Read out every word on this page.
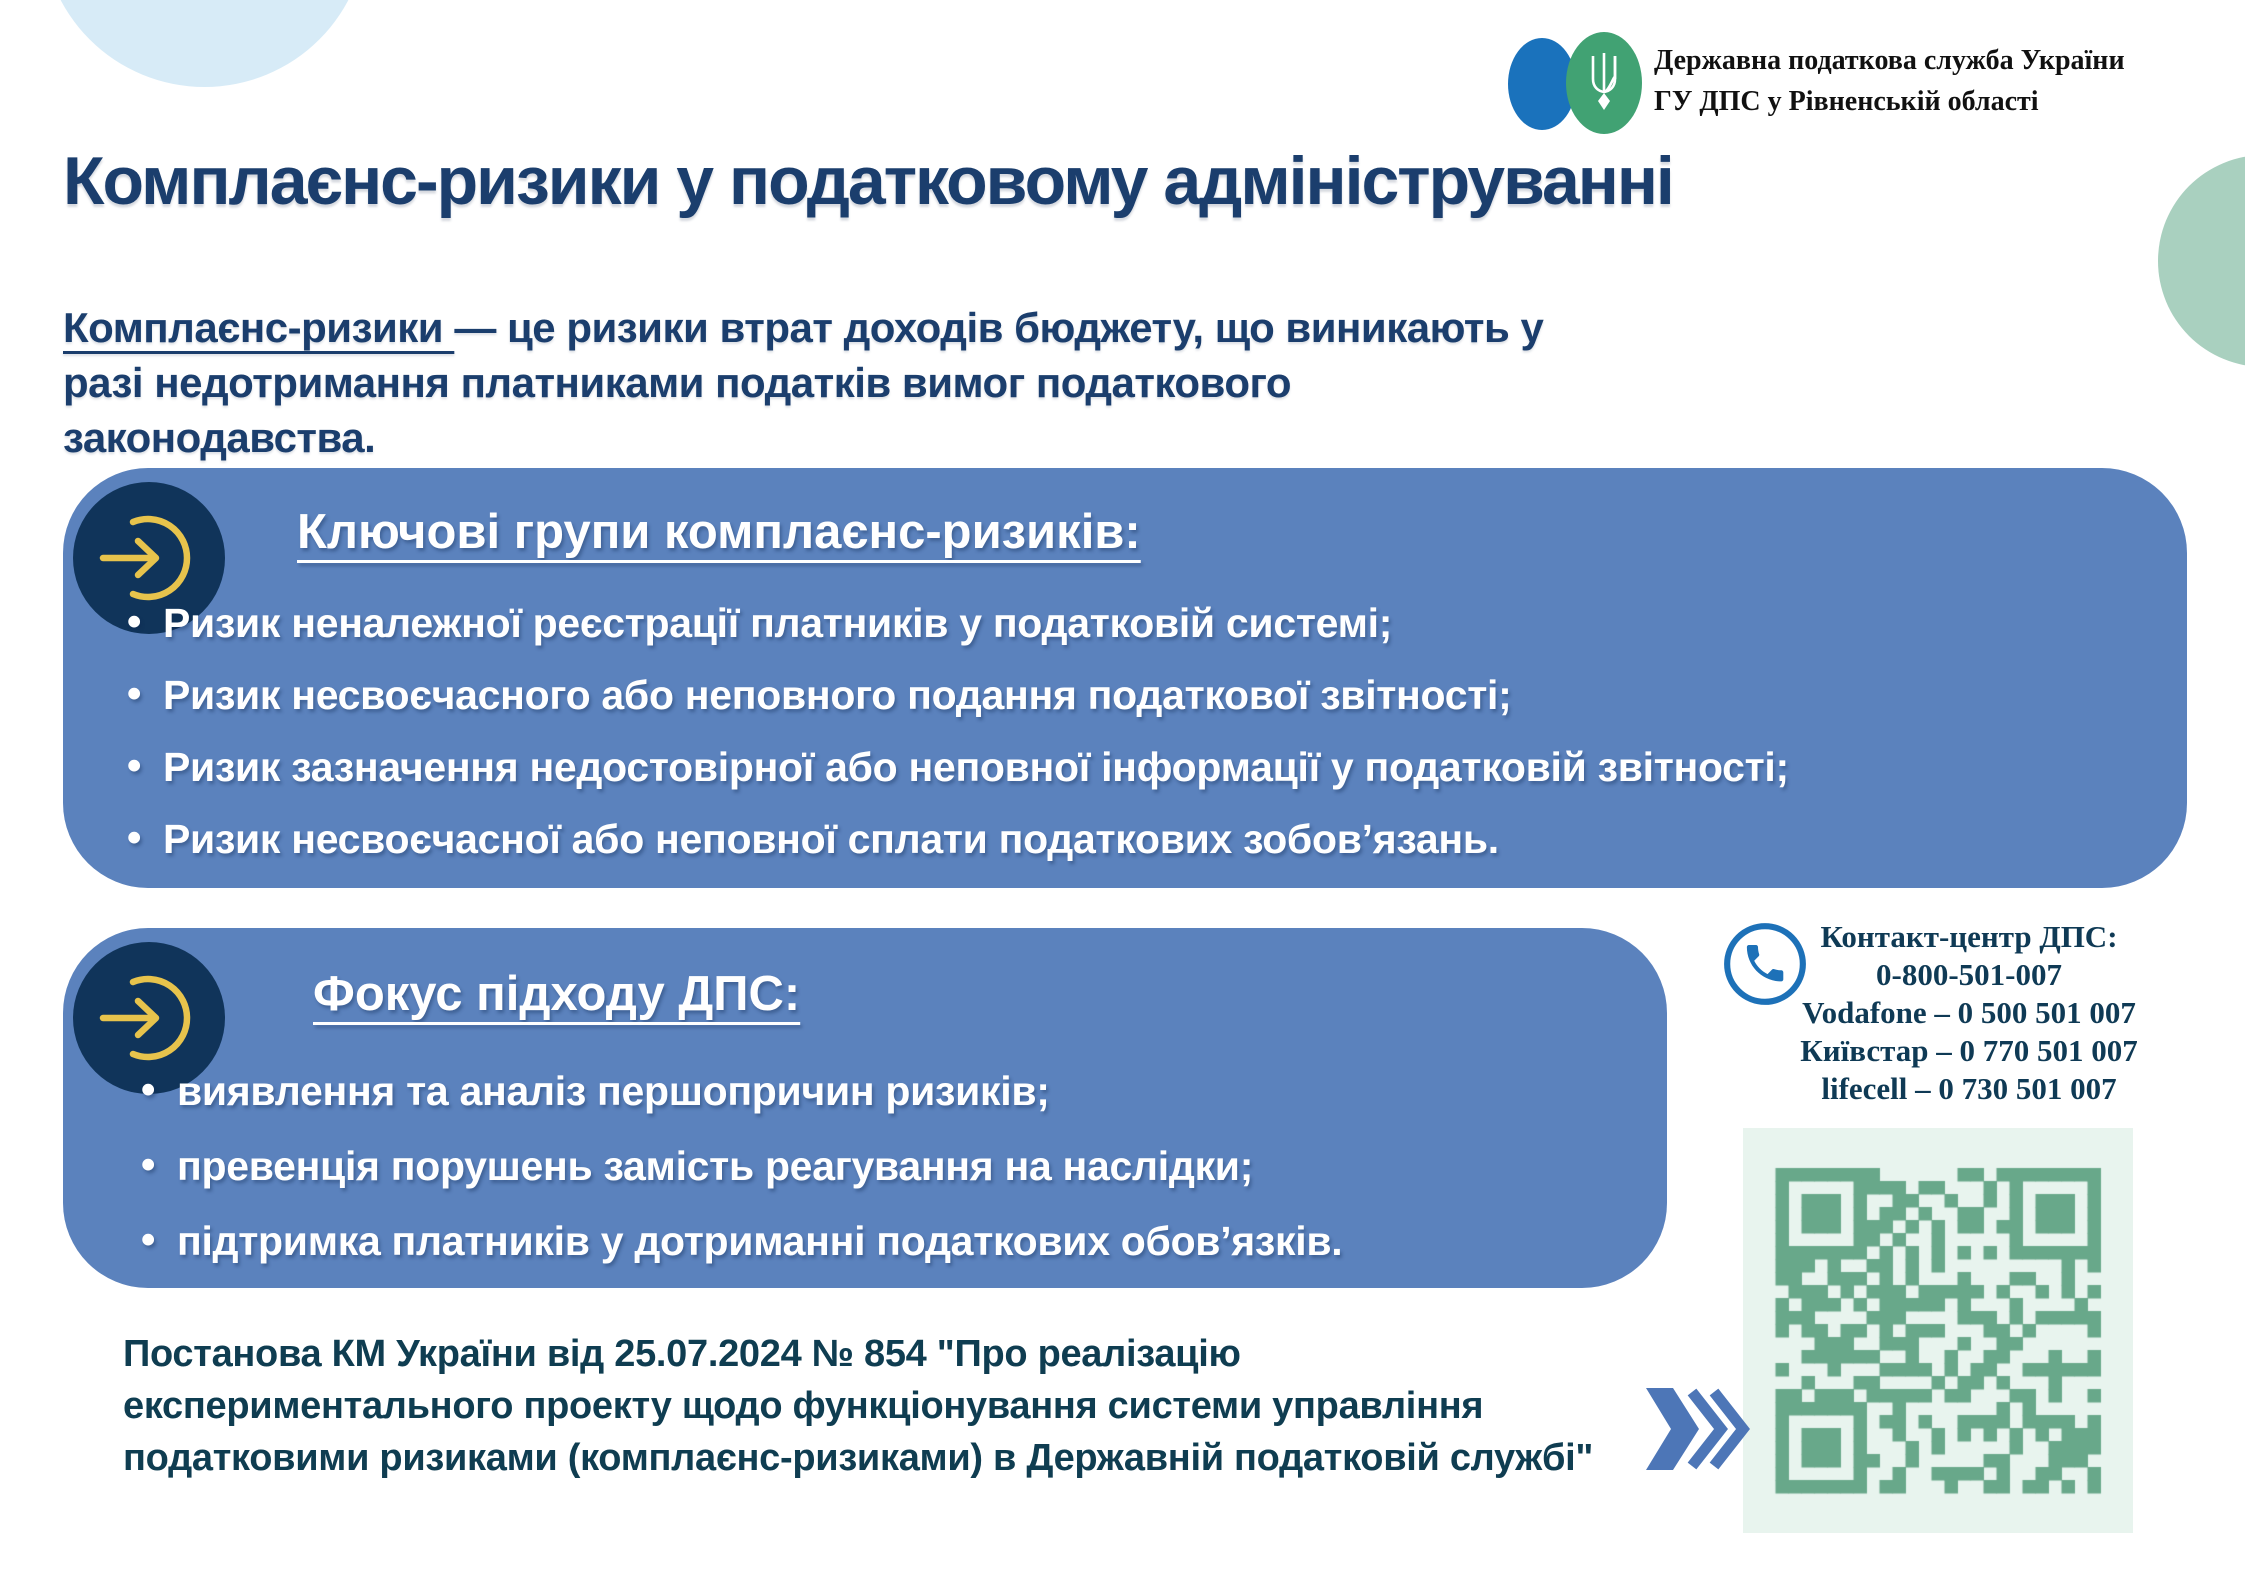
Державна податкова служба України
ГУ ДПС у Рівненській області
Комплаєнс-ризики у податковому адмініструванні
Комплаєнс-ризики — це ризики втрат доходів бюджету, що виникають у разі недотримання платниками податків вимог податкового законодавства.
Ключові групи комплаєнс-ризиків:
• Ризик неналежної реєстрації платників у податковій системі;
• Ризик несвоєчасного або неповного подання податкової звітності;
• Ризик зазначення недостовірної або неповної інформації у податковій звітності;
• Ризик несвоєчасної або неповної сплати податкових зобов’язань.
Фокус підходу ДПС:
• виявлення та аналіз першопричин ризиків;
• превенція порушень замість реагування на наслідки;
• підтримка платників у дотриманні податкових обов’язків.
Контакт-центр ДПС:
0-800-501-007
Vodafone – 0 500 501 007
Київстар – 0 770 501 007
lifecell – 0 730 501 007
Постанова КМ України від 25.07.2024 № 854 "Про реалізацію експериментального проекту щодо функціонування системи управління податковими ризиками (комплаєнс-ризиками) в Державній податковій службі"
